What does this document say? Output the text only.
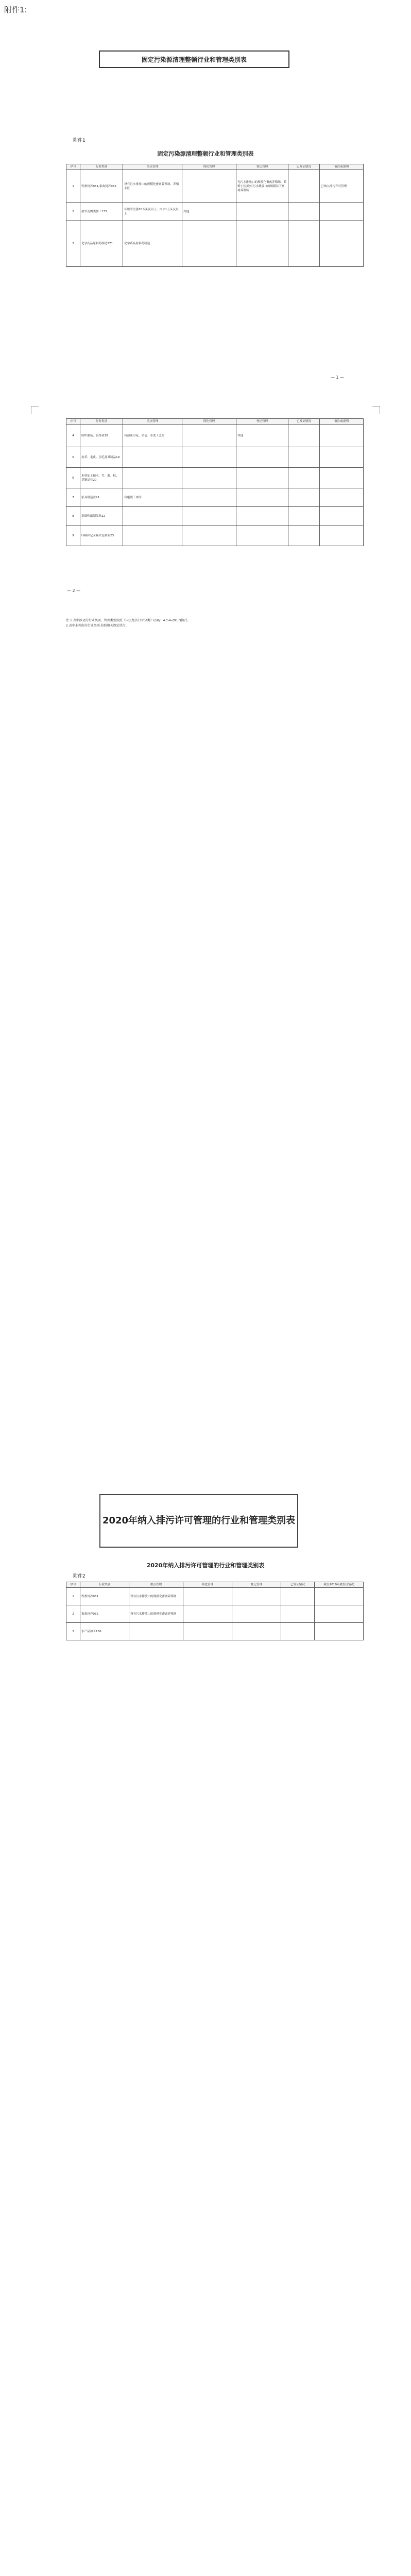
附件1:
固定污染源清理整顿行业和管理类别表
附件1
固定污染源清理整顿行业和管理类别表
序号	行业类别	重点管理	简化管理	登记管理	已发证情况	备注或说明
1	牲畜饲养031,家禽饲养032	设有污水排放口的规模化畜禽养殖场、养殖小区		无污水排放口的规模化畜禽养殖场、养殖小区;设有污水排放口的规模以下畜禽养殖场		已纳入排污许可管理
2	屠宰及肉类加工135	年屠宰生猪10万头及以上、肉牛1万头及以上	其他			
3	化学药品原料药制造271	化学药品原料药制造				
— 1 —
序号	行业类别	重点管理	简化管理	登记管理	已发证情况	备注或说明
4	纺织服装、服饰业18	有湿法印花、染色、水洗工艺的		其他		
5	皮革、毛皮、羽毛及其制品19					
6	木材加工和木、竹、藤、棕、草制品业20					
7	家具制造业21	有电镀工序的				
8	造纸和纸制品业22					
9	印刷和记录媒介复制业23					
— 2 —
注:1.表中涉及的行业类别、管理类别按照《国民经济行业分类》(GB/T 4754-2017)执行。
2.表中未列出的行业类别,按照相关规定执行。
2020年纳入排污许可管理的行业和管理类别表
附件2
2020年纳入排污许可管理的行业和管理类别表
序号	行业类别	重点管理	简化管理	登记管理	已发证情况	截至2019年底发证情况
1	牲畜饲养031	设有污水排放口的规模化畜禽养殖场				
2	家禽饲养032	设有污水排放口的规模化畜禽养殖场				
3	水产品加工136					
